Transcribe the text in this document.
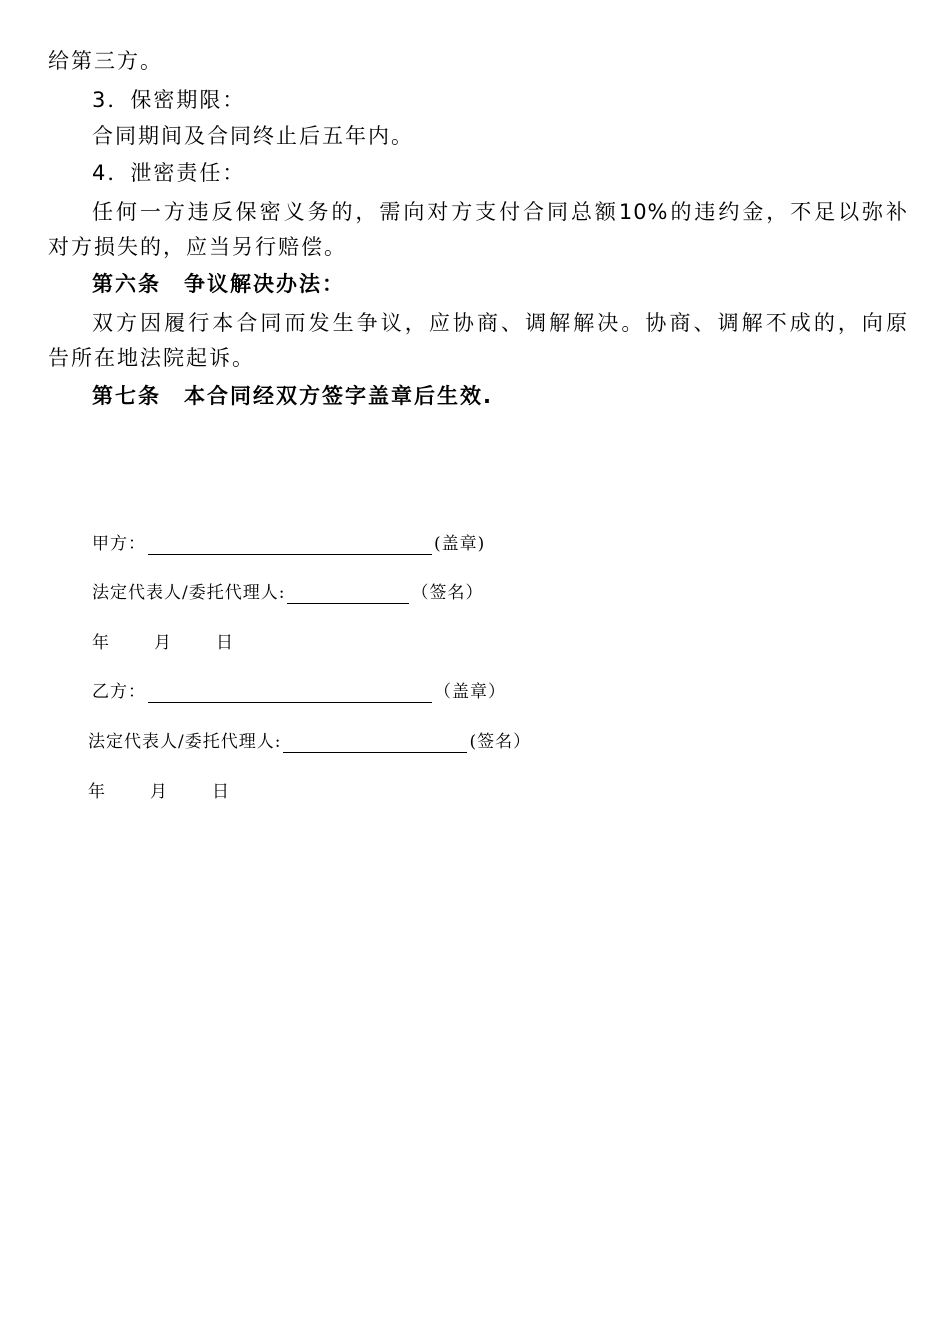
给第三方。
3．保密期限：
合同期间及合同终止后五年内。
4．泄密责任：
任何一方违反保密义务的，需向对方支付合同总额10%的违约金，不足以弥补
对方损失的，应当另行赔偿。
第六条　争议解决办法：
双方因履行本合同而发生争议，应协商、调解解决。协商、调解不成的，向原
告所在地法院起诉。
第七条　本合同经双方签字盖章后生效.
甲方：	(盖章)
法定代表人/委托代理人:	（签名）
年	月	日
乙方：	（盖章）
法定代表人/委托代理人:	(签名）
年	月	日
